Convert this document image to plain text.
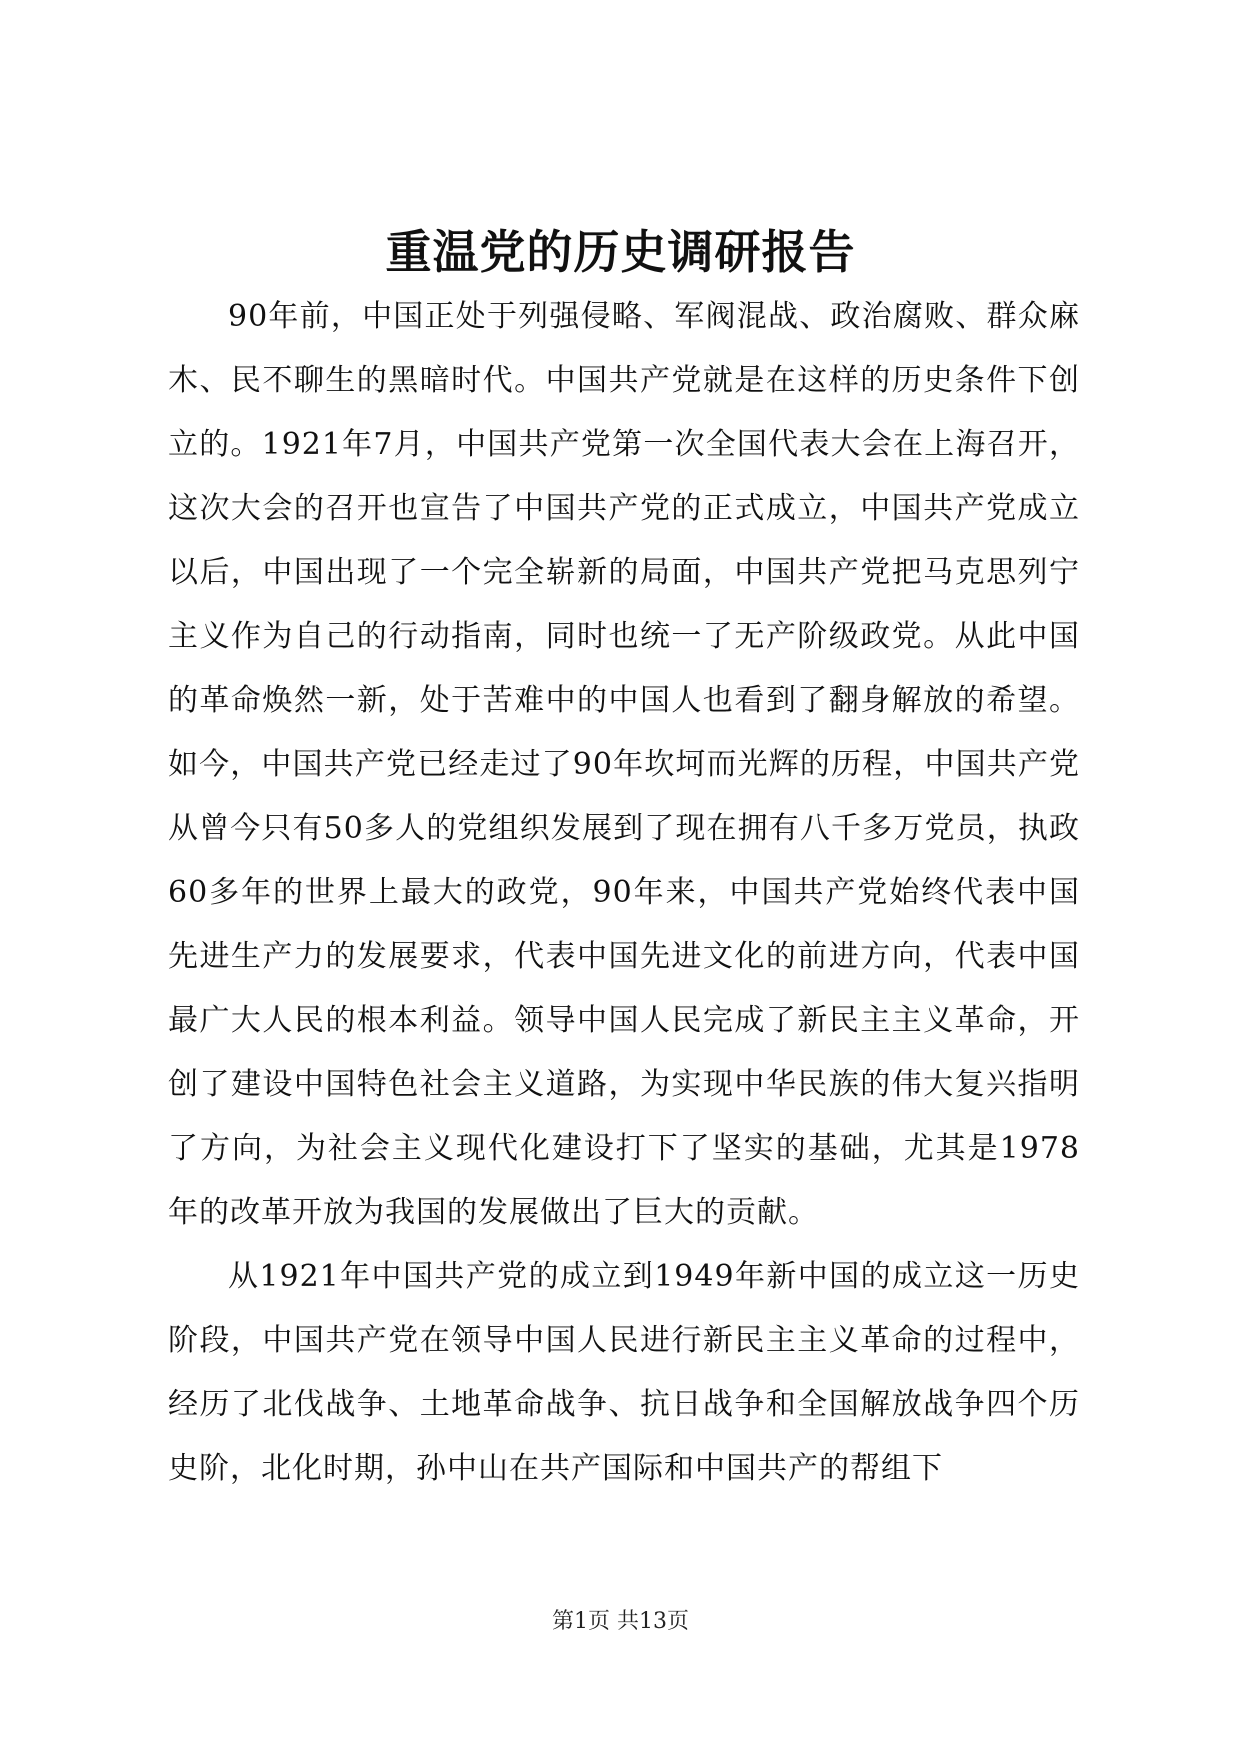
重温党的历史调研报告

90年前，中国正处于列强侵略、军阀混战、政治腐败、群众麻木、民不聊生的黑暗时代。中国共产党就是在这样的历史条件下创立的。1921年7月，中国共产党第一次全国代表大会在上海召开，这次大会的召开也宣告了中国共产党的正式成立，中国共产党成立以后，中国出现了一个完全崭新的局面，中国共产党把马克思列宁主义作为自己的行动指南，同时也统一了无产阶级政党。从此中国的革命焕然一新，处于苦难中的中国人也看到了翻身解放的希望。如今，中国共产党已经走过了90年坎坷而光辉的历程，中国共产党从曾今只有50多人的党组织发展到了现在拥有八千多万党员，执政60多年的世界上最大的政党，90年来，中国共产党始终代表中国先进生产力的发展要求，代表中国先进文化的前进方向，代表中国最广大人民的根本利益。领导中国人民完成了新民主主义革命，开创了建设中国特色社会主义道路，为实现中华民族的伟大复兴指明了方向，为社会主义现代化建设打下了坚实的基础，尤其是1978年的改革开放为我国的发展做出了巨大的贡献。

从1921年中国共产党的成立到1949年新中国的成立这一历史阶段，中国共产党在领导中国人民进行新民主主义革命的过程中，经历了北伐战争、土地革命战争、抗日战争和全国解放战争四个历史阶，北化时期，孙中山在共产国际和中国共产的帮组下

第1页 共13页
